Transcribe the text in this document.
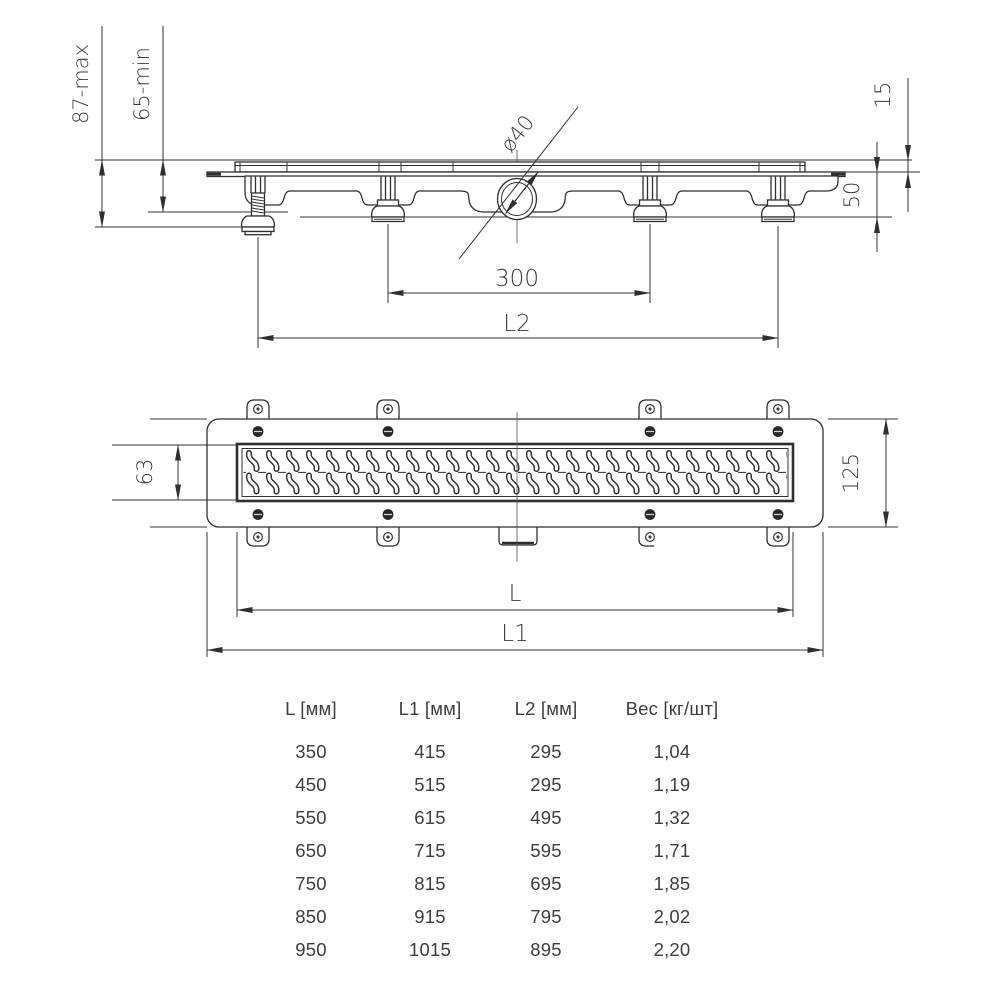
87-max 65-min	15
50
ø40
300
L2
63	125
L
L1
L [мм]	L1 [мм]	L2 [мм]	Вес [кг/шт]
350	415	295	1,04
450	515	295	1,19
550	615	495	1,32
650	715	595	1,71
750	815	695	1,85
850	915	795	2,02
950	1015	895	2,20
